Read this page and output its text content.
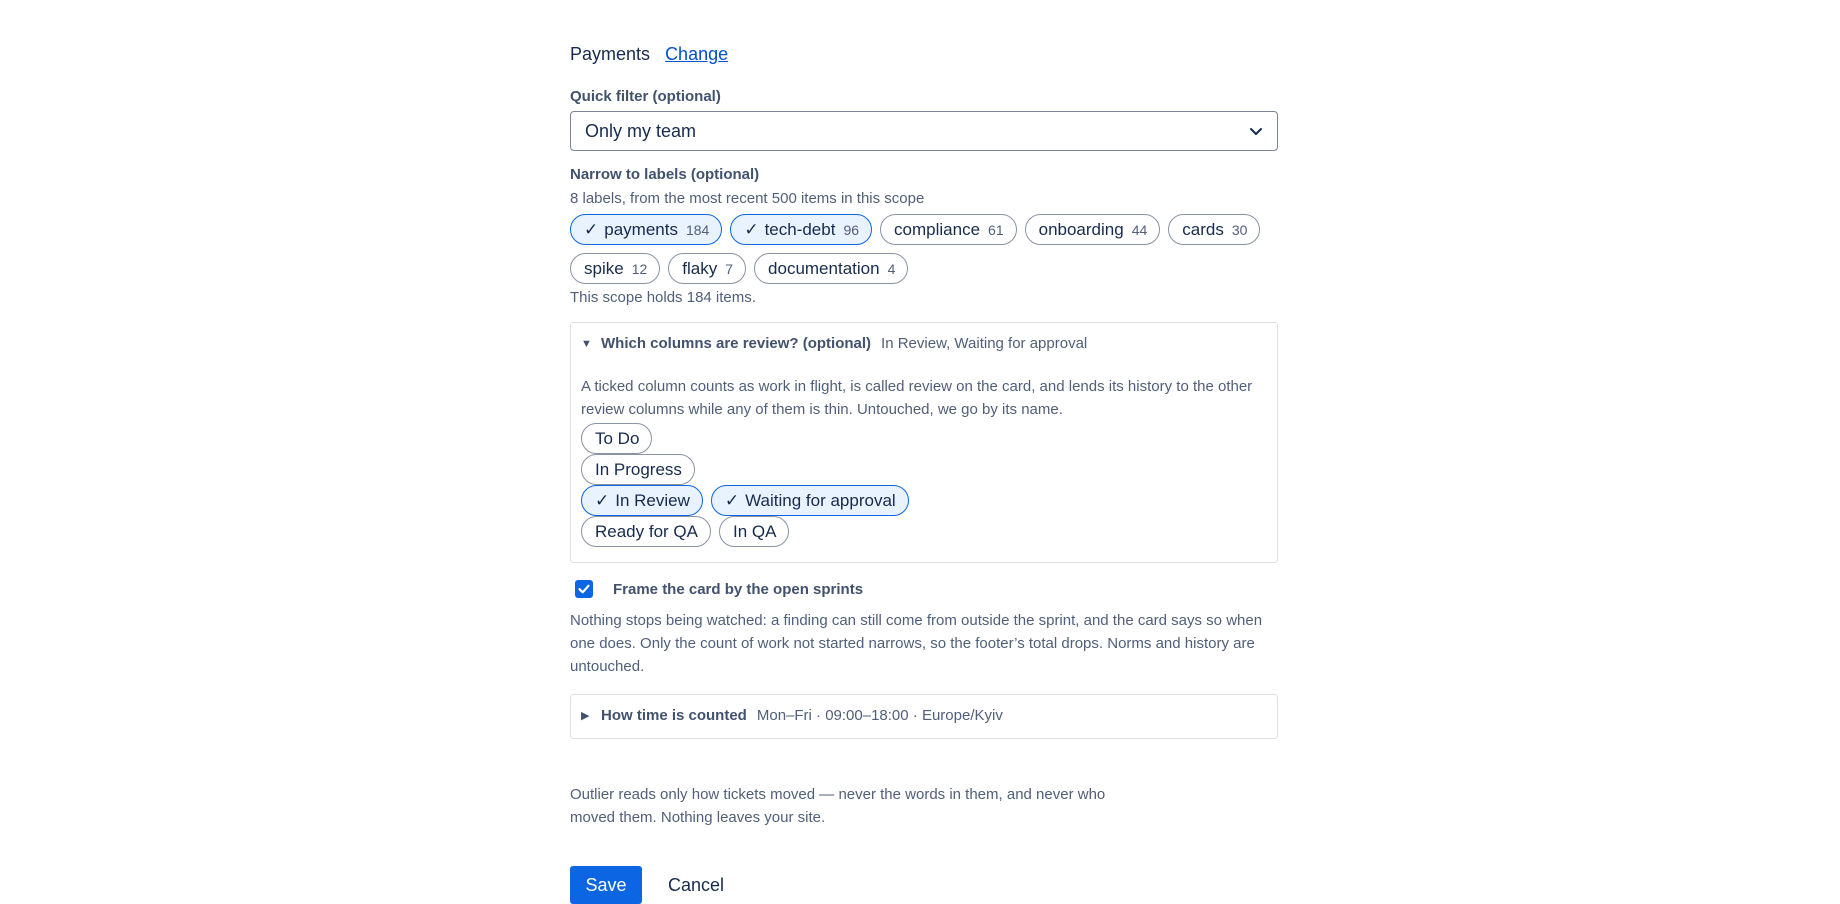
Payments Change
Quick filter (optional)
Only my team
Narrow to labels (optional)
8 labels, from the most recent 500 items in this scope
✓ payments 184 ✓ tech-debt 96 compliance 61 onboarding 44 cards 30
spike 12 flaky 7 documentation 4
This scope holds 184 items.
▼ Which columns are review? (optional) In Review, Waiting for approval
A ticked column counts as work in flight, is called review on the card, and lends its history to the other review columns while any of them is thin. Untouched, we go by its name.
To Do
In Progress
✓ In Review ✓ Waiting for approval
Ready for QA In QA
Frame the card by the open sprints
Nothing stops being watched: a finding can still come from outside the sprint, and the card says so when one does. Only the count of work not started narrows, so the footer’s total drops. Norms and history are untouched.
▶ How time is counted Mon–Fri · 09:00–18:00 · Europe/Kyiv
Outlier reads only how tickets moved — never the words in them, and never who moved them. Nothing leaves your site.
Save	Cancel
